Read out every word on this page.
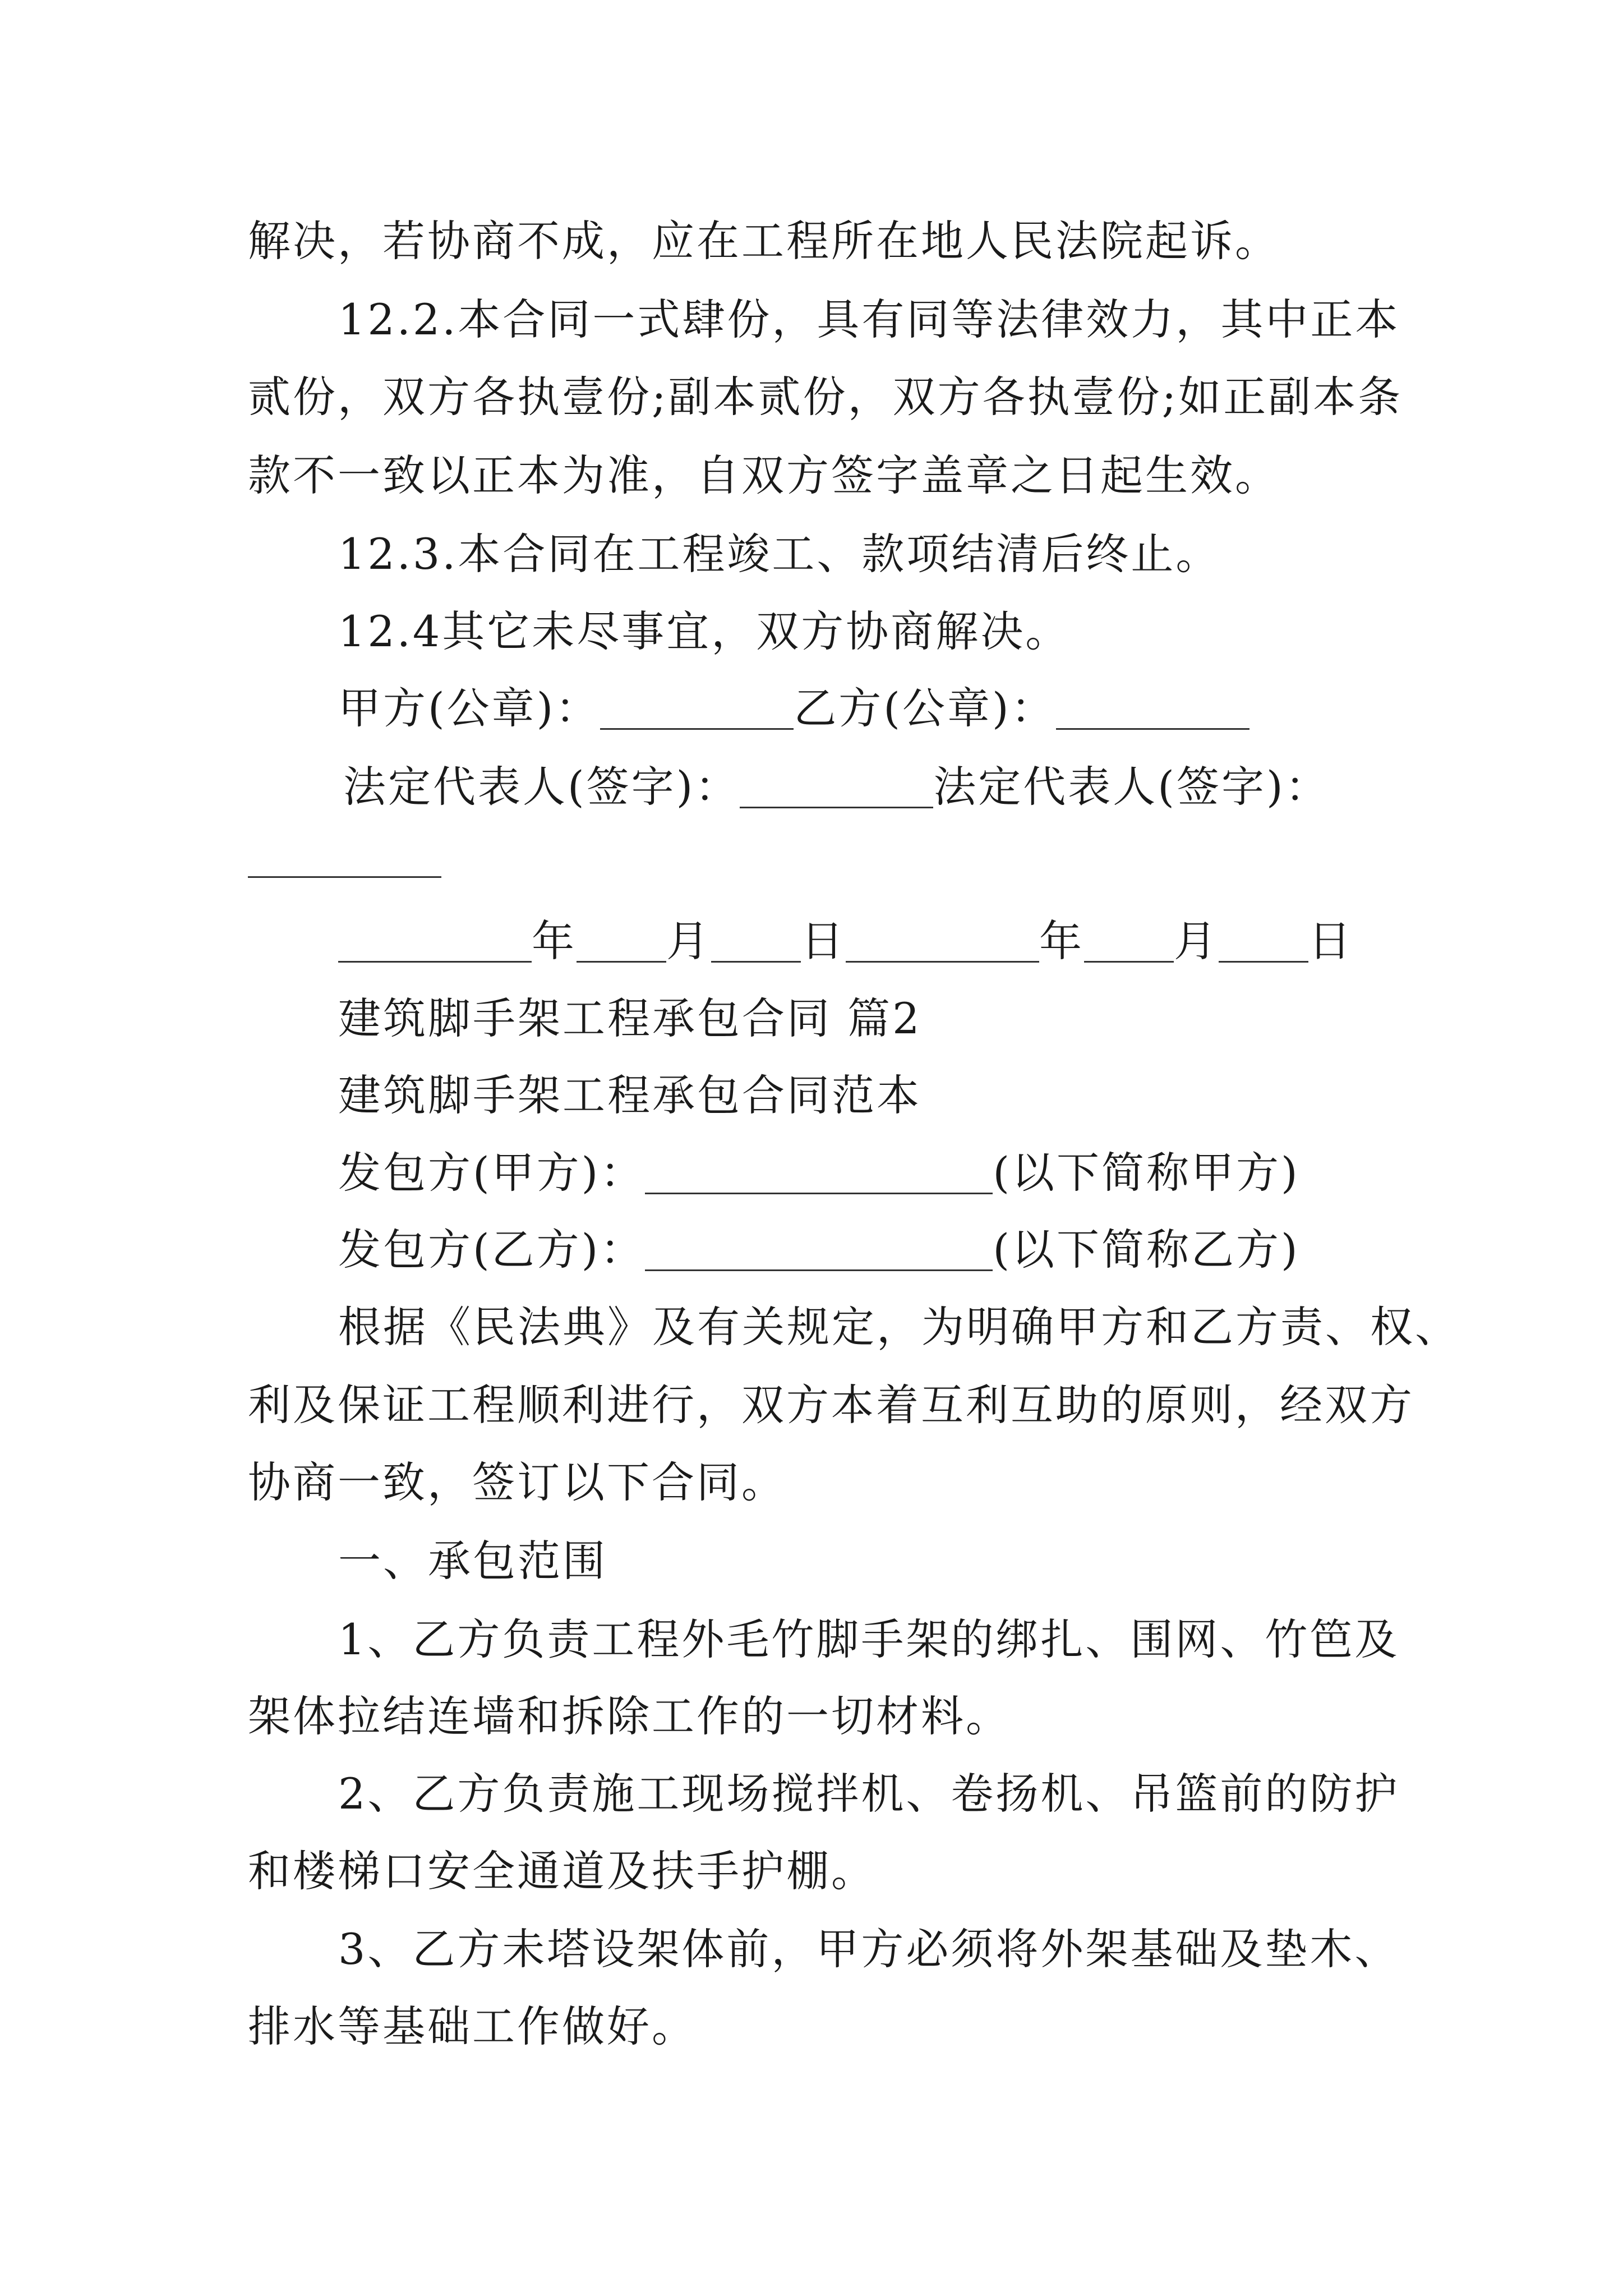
解决，若协商不成，应在工程所在地人民法院起诉。
12.2.本合同一式肆份，具有同等法律效力，其中正本
贰份，双方各执壹份;副本贰份，双方各执壹份;如正副本条
款不一致以正本为准，自双方签字盖章之日起生效。
12.3.本合同在工程竣工、款项结清后终止。
12.4其它未尽事宜，双方协商解决。
甲方(公章)：	乙方(公章)：
法定代表人(签字)：	法定代表人(签字)：
年 月 日	年 月 日
建筑脚手架工程承包合同 篇2
建筑脚手架工程承包合同范本
发包方(甲方)：	(以下简称甲方)
发包方(乙方)：	(以下简称乙方)
根据《民法典》及有关规定，为明确甲方和乙方责、权、
利及保证工程顺利进行，双方本着互利互助的原则，经双方
协商一致，签订以下合同。
一、承包范围
1、乙方负责工程外毛竹脚手架的绑扎、围网、竹笆及
架体拉结连墙和拆除工作的一切材料。
2、乙方负责施工现场搅拌机、卷扬机、吊篮前的防护
和楼梯口安全通道及扶手护棚。
3、乙方未塔设架体前，甲方必须将外架基础及垫木、
排水等基础工作做好。
